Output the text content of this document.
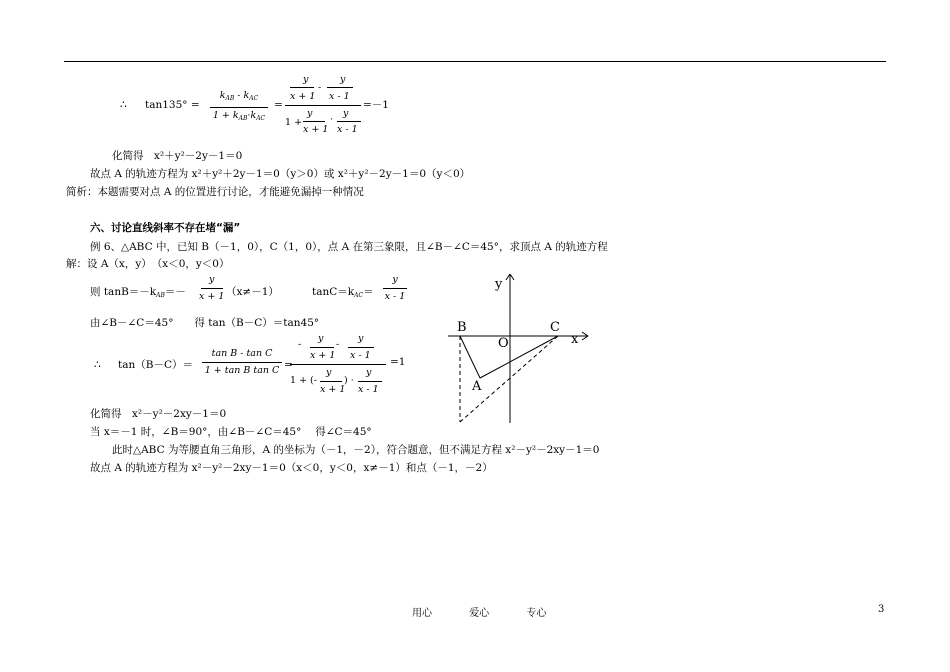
∴ tan135° =
$k_{AB} - k_{AC}$
$1 + k_{AB}\cdot k_{AC}$
=
y	y
-
x + 1 x - 1
y	y
1 +	·
x + 1 x - 1
=－1
化简得　x²＋y²－2y－1＝0
故点 A 的轨迹方程为 x²＋y²＋2y－1＝0（y＞0）或 x²＋y²－2y－1＝0（y＜0）
简析：本题需要对点 A 的位置进行讨论，才能避免漏掉一种情况
六、讨论直线斜率不存在堵“漏”
例 6、△ABC 中，已知 B（－1，0），C（1，0），点 A 在第三象限，且∠B－∠C＝45°，求顶点 A 的轨迹方程
解：设 A（x，y）　（x＜0，y＜0）
则 $\tan B=-k_{AB}=-$
y
x + 1 （x≠－1）	$\tan C=k_{AC}=$
y
x - 1
由∠B－∠C＝45°　　得 tan（B－C）＝tan45°
∴ tan（B－C）＝
tan B - tan C
1 + tan B tan C =
-
y
-
y
x + 1 x - 1
y	y
1 + (-	) ·
x + 1 x - 1
=1
化简得　x²－y²－2xy－1＝0
当 x＝－1 时，∠B＝90°，由∠B－∠C＝45°　 得∠C＝45°
此时△ABC 为等腰直角三角形，A 的坐标为（－1，－2），符合题意，但不满足方程 x²－y²－2xy－1＝0
故点 A 的轨迹方程为 x²－y²－2xy－1＝0（x＜0，y＜0，x≠－1）和点（－1，－2）
y
x
B	C
O
A
用心	爱心	专心	3
